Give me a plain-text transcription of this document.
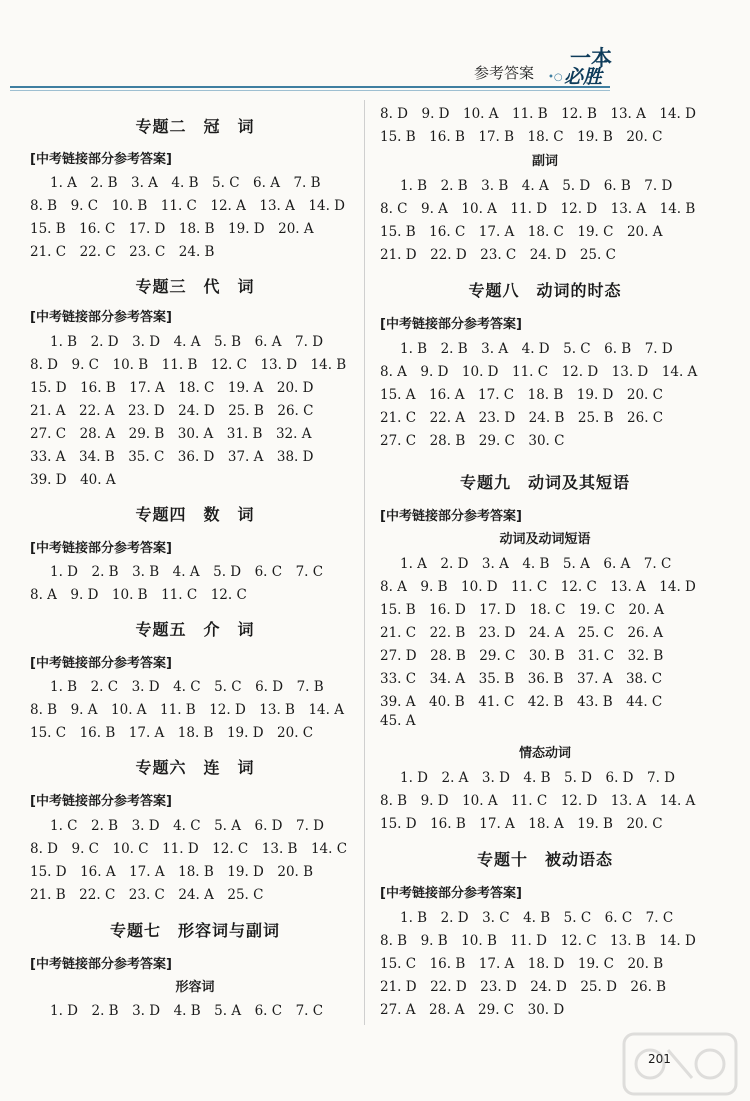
参考答案 •○
一本
必胜
专题二　冠　词
[中考链接部分参考答案]
1. A　2. B　3. A　4. B　5. C　6. A　7. B
8. B　9. C　10. B　11. C　12. A　13. A　14. D
15. B　16. C　17. D　18. B　19. D　20. A
21. C　22. C　23. C　24. B
专题三　代　词
[中考链接部分参考答案]
1. B　2. D　3. D　4. A　5. B　6. A　7. D
8. D　9. C　10. B　11. B　12. C　13. D　14. B
15. D　16. B　17. A　18. C　19. A　20. D
21. A　22. A　23. D　24. D　25. B　26. C
27. C　28. A　29. B　30. A　31. B　32. A
33. A　34. B　35. C　36. D　37. A　38. D
39. D　40. A
专题四　数　词
[中考链接部分参考答案]
1. D　2. B　3. B　4. A　5. D　6. C　7. C
8. A　9. D　10. B　11. C　12. C
专题五　介　词
[中考链接部分参考答案]
1. B　2. C　3. D　4. C　5. C　6. D　7. B
8. B　9. A　10. A　11. B　12. D　13. B　14. A
15. C　16. B　17. A　18. B　19. D　20. C
专题六　连　词
[中考链接部分参考答案]
1. C　2. B　3. D　4. C　5. A　6. D　7. D
8. D　9. C　10. C　11. D　12. C　13. B　14. C
15. D　16. A　17. A　18. B　19. D　20. B
21. B　22. C　23. C　24. A　25. C
专题七　形容词与副词
[中考链接部分参考答案]
形容词
1. D　2. B　3. D　4. B　5. A　6. C　7. C
8. D　9. D　10. A　11. B　12. B　13. A　14. D
15. B　16. B　17. B　18. C　19. B　20. C
副词
1. B　2. B　3. B　4. A　5. D　6. B　7. D
8. C　9. A　10. A　11. D　12. D　13. A　14. B
15. B　16. C　17. A　18. C　19. C　20. A
21. D　22. D　23. C　24. D　25. C
专题八　动词的时态
[中考链接部分参考答案]
1. B　2. B　3. A　4. D　5. C　6. B　7. D
8. A　9. D　10. D　11. C　12. D　13. D　14. A
15. A　16. A　17. C　18. B　19. D　20. C
21. C　22. A　23. D　24. B　25. B　26. C
27. C　28. B　29. C　30. C
专题九　动词及其短语
[中考链接部分参考答案]
动词及动词短语
1. A　2. D　3. A　4. B　5. A　6. A　7. C
8. A　9. B　10. D　11. C　12. C　13. A　14. D
15. B　16. D　17. D　18. C　19. C　20. A
21. C　22. B　23. D　24. A　25. C　26. A
27. D　28. B　29. C　30. B　31. C　32. B
33. C　34. A　35. B　36. B　37. A　38. C
39. A　40. B　41. C　42. B　43. B　44. C
45. A
情态动词
1. D　2. A　3. D　4. B　5. D　6. D　7. D
8. B　9. D　10. A　11. C　12. D　13. A　14. A
15. D　16. B　17. A　18. A　19. B　20. C
专题十　被动语态
[中考链接部分参考答案]
1. B　2. D　3. C　4. B　5. C　6. C　7. C
8. B　9. B　10. B　11. D　12. C　13. B　14. D
15. C　16. B　17. A　18. D　19. C　20. B
21. D　22. D　23. D　24. D　25. D　26. B
27. A　28. A　29. C　30. D
201
